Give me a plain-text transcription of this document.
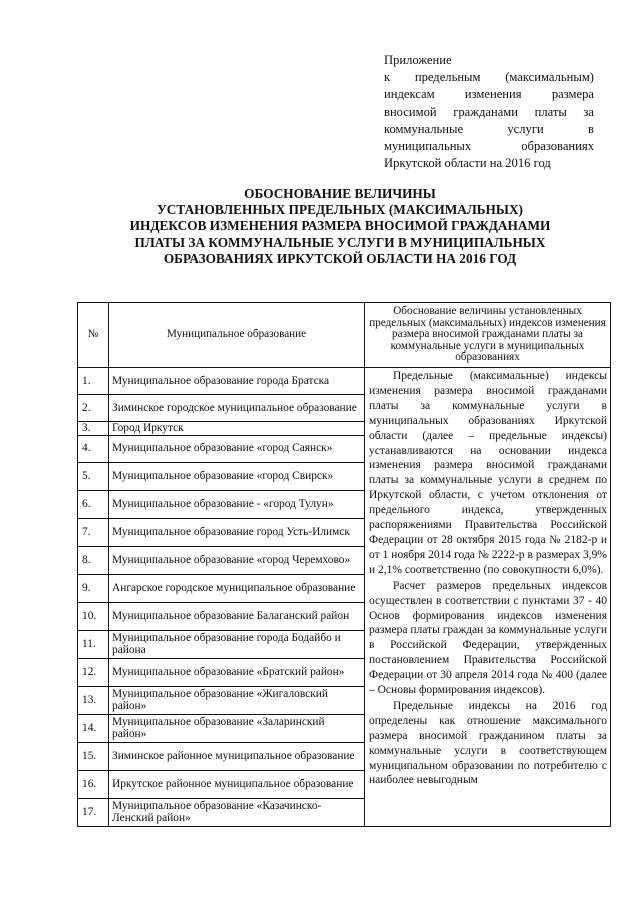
Приложение
к предельным (максимальным)
индексам изменения размера
вносимой гражданами платы за
коммунальные услуги в
муниципальных образованиях
Иркутской области на 2016 год
ОБОСНОВАНИЕ ВЕЛИЧИНЫ
УСТАНОВЛЕННЫХ ПРЕДЕЛЬНЫХ (МАКСИМАЛЬНЫХ)
ИНДЕКСОВ ИЗМЕНЕНИЯ РАЗМЕРА ВНОСИМОЙ ГРАЖДАНАМИ
ПЛАТЫ ЗА КОММУНАЛЬНЫЕ УСЛУГИ В МУНИЦИПАЛЬНЫХ
ОБРАЗОВАНИЯХ ИРКУТСКОЙ ОБЛАСТИ НА 2016 ГОД
№	Муниципальное образование	Обоснование величины установленных предельных (максимальных) индексов изменения размера вносимой гражданами платы за коммунальные услуги в муниципальных образованиях
1.	Муниципальное образование города Братска	Предельные (максимальные) индексы изменения размера вносимой гражданами платы за коммунальные услуги в муниципальных образованиях Иркутской области (далее – предельные индексы) устанавливаются на основании индекса изменения размера вносимой гражданами платы за коммунальные услуги в среднем по Иркутской области, с учетом отклонения от предельного индекса, утвержденных распоряжениями Правительства Российской Федерации от 28 октября 2015 года № 2182-р и от 1 ноября 2014 года № 2222-р в размерах 3,9% и 2,1% соответственно (по совокупности 6,0%).

Расчет размеров предельных индексов осуществлен в соответствии с пунктами 37 - 40 Основ формирования индексов изменения размера платы граждан за коммунальные услуги в Российской Федерации, утвержденных постановлением Правительства Российской Федерации от 30 апреля 2014 года № 400 (далее – Основы формирования индексов).

Предельные индексы на 2016 год определены как отношение максимального размера вносимой гражданином платы за коммунальные услуги в соответствующем муниципальном образовании по потребителю с наиболее невыгодным

2.	Зиминское городское муниципальное образование	
3.	Город Иркутск	
4.	Муниципальное образование «город Саянск»	
5.	Муниципальное образование «город Свирск»	
6.	Муниципальное образование - «город Тулун»	
7.	Муниципальное образование город Усть-Илимск	
8.	Муниципальное образование «город Черемхово»	
9.	Ангарское городское муниципальное образование	
10.	Муниципальное образование Балаганский район	
11.	Муниципальное образование города Бодайбо и района	
12.	Муниципальное образование «Братский район»	
13.	Муниципальное образование «Жигаловский район»	
14.	Муниципальное образование «Заларинский район»	
15.	Зиминское районное муниципальное образование	
16.	Иркутское районное муниципальное образование	
17.	Муниципальное образование «Казачинско-Ленский район»	
